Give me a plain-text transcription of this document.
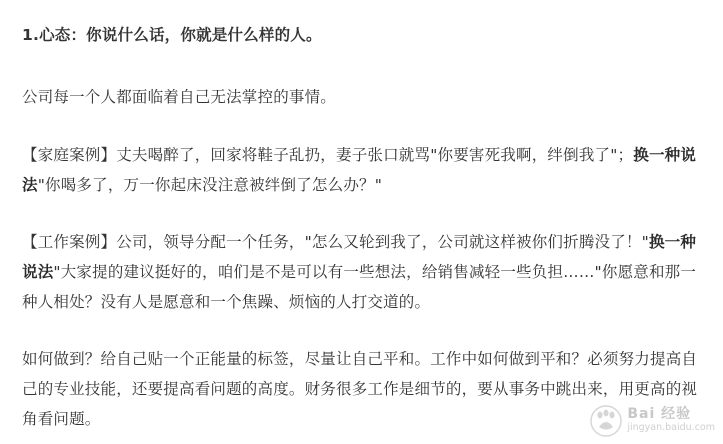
1.心态：你说什么话，你就是什么样的人。

公司每一个人都面临着自己无法掌控的事情。

【家庭案例】丈夫喝醉了，回家将鞋子乱扔，妻子张口就骂"你要害死我啊，绊倒我了"；换一种说法"你喝多了，万一你起床没注意被绊倒了怎么办？"

【工作案例】公司，领导分配一个任务，"怎么又轮到我了，公司就这样被你们折腾没了！"换一种说法"大家提的建议挺好的，咱们是不是可以有一些想法，给销售减轻一些负担……"你愿意和那一种人相处？没有人是愿意和一个焦躁、烦恼的人打交道的。

如何做到？给自己贴一个正能量的标签，尽量让自己平和。工作中如何做到平和？必须努力提高自己的专业技能，还要提高看问题的高度。财务很多工作是细节的，要从事务中跳出来，用更高的视角看问题。	Bai 经验
jingyan.baidu.com
